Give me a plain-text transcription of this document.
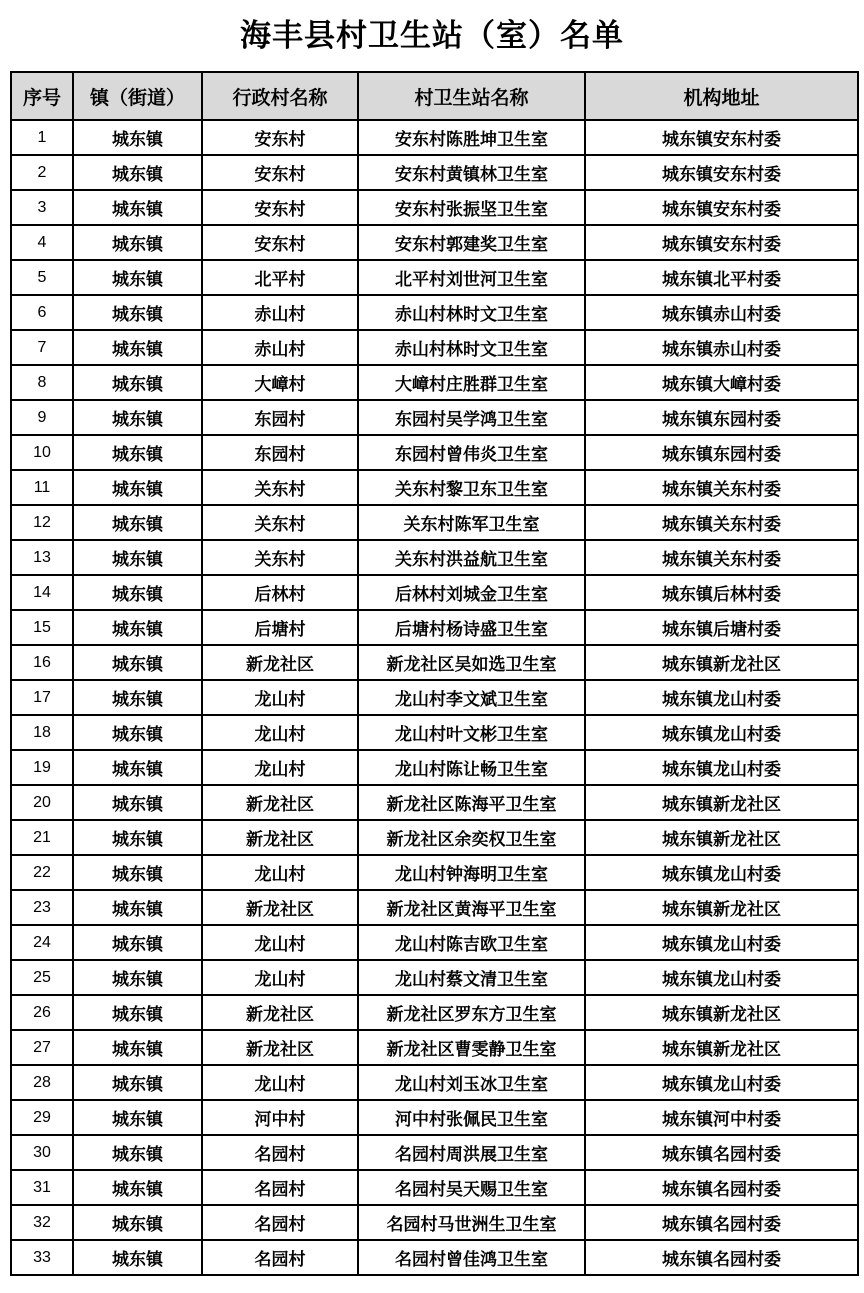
海丰县村卫生站（室）名单
序号	镇（街道）	行政村名称	村卫生站名称	机构地址
1	城东镇	安东村	安东村陈胜坤卫生室	城东镇安东村委
2	城东镇	安东村	安东村黄镇林卫生室	城东镇安东村委
3	城东镇	安东村	安东村张振坚卫生室	城东镇安东村委
4	城东镇	安东村	安东村郭建奖卫生室	城东镇安东村委
5	城东镇	北平村	北平村刘世河卫生室	城东镇北平村委
6	城东镇	赤山村	赤山村林时文卫生室	城东镇赤山村委
7	城东镇	赤山村	赤山村林时文卫生室	城东镇赤山村委
8	城东镇	大嶂村	大嶂村庄胜群卫生室	城东镇大嶂村委
9	城东镇	东园村	东园村吴学鸿卫生室	城东镇东园村委
10	城东镇	东园村	东园村曾伟炎卫生室	城东镇东园村委
11	城东镇	关东村	关东村黎卫东卫生室	城东镇关东村委
12	城东镇	关东村	关东村陈军卫生室	城东镇关东村委
13	城东镇	关东村	关东村洪益航卫生室	城东镇关东村委
14	城东镇	后林村	后林村刘城金卫生室	城东镇后林村委
15	城东镇	后塘村	后塘村杨诗盛卫生室	城东镇后塘村委
16	城东镇	新龙社区	新龙社区吴如选卫生室	城东镇新龙社区
17	城东镇	龙山村	龙山村李文斌卫生室	城东镇龙山村委
18	城东镇	龙山村	龙山村叶文彬卫生室	城东镇龙山村委
19	城东镇	龙山村	龙山村陈让畅卫生室	城东镇龙山村委
20	城东镇	新龙社区	新龙社区陈海平卫生室	城东镇新龙社区
21	城东镇	新龙社区	新龙社区余奕权卫生室	城东镇新龙社区
22	城东镇	龙山村	龙山村钟海明卫生室	城东镇龙山村委
23	城东镇	新龙社区	新龙社区黄海平卫生室	城东镇新龙社区
24	城东镇	龙山村	龙山村陈吉欧卫生室	城东镇龙山村委
25	城东镇	龙山村	龙山村蔡文清卫生室	城东镇龙山村委
26	城东镇	新龙社区	新龙社区罗东方卫生室	城东镇新龙社区
27	城东镇	新龙社区	新龙社区曹雯静卫生室	城东镇新龙社区
28	城东镇	龙山村	龙山村刘玉冰卫生室	城东镇龙山村委
29	城东镇	河中村	河中村张佩民卫生室	城东镇河中村委
30	城东镇	名园村	名园村周洪展卫生室	城东镇名园村委
31	城东镇	名园村	名园村吴天赐卫生室	城东镇名园村委
32	城东镇	名园村	名园村马世洲生卫生室	城东镇名园村委
33	城东镇	名园村	名园村曾佳鸿卫生室	城东镇名园村委
